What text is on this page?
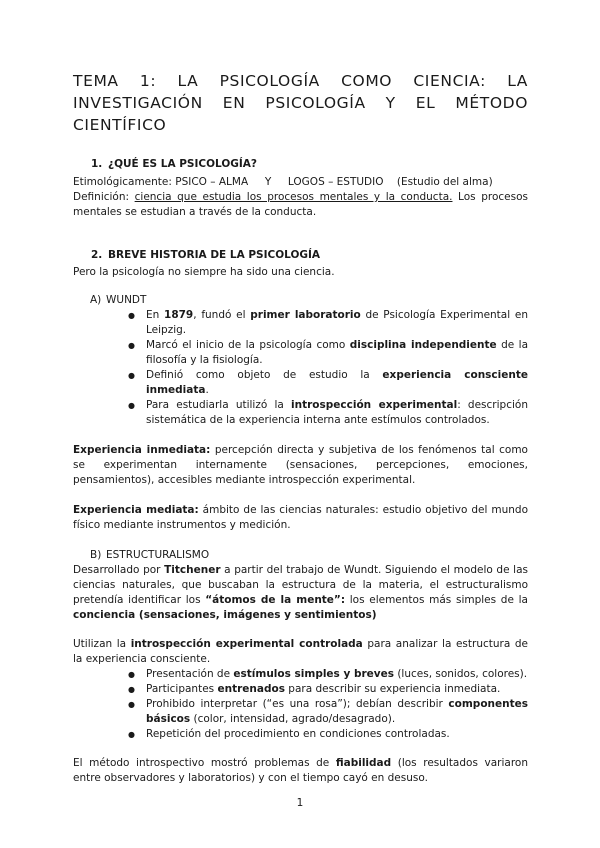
TEMA 1: LA PSICOLOGÍA COMO CIENCIA: LA INVESTIGACIÓN EN PSICOLOGÍA Y EL MÉTODO CIENTÍFICO
1. ¿QUÉ ES LA PSICOLOGÍA?

Etimológicamente: PSICO – ALMA     Y     LOGOS – ESTUDIO    (Estudio del alma)

Definición: ciencia que estudia los procesos mentales y la conducta. Los procesos mentales se estudian a través de la conducta.

2. BREVE HISTORIA DE LA PSICOLOGÍA

Pero la psicología no siempre ha sido una ciencia.

A) WUNDT
● En 1879, fundó el primer laboratorio de Psicología Experimental en Leipzig.
● Marcó el inicio de la psicología como disciplina independiente de la filosofía y la fisiología.
● Definió como objeto de estudio la experiencia consciente inmediata.
● Para estudiarla utilizó la introspección experimental: descripción sistemática de la experiencia interna ante estímulos controlados.

Experiencia inmediata: percepción directa y subjetiva de los fenómenos tal como se experimentan internamente (sensaciones, percepciones, emociones, pensamientos), accesibles mediante introspección experimental.

Experiencia mediata: ámbito de las ciencias naturales: estudio objetivo del mundo físico mediante instrumentos y medición.

B) ESTRUCTURALISMO

Desarrollado por Titchener a partir del trabajo de Wundt. Siguiendo el modelo de las ciencias naturales, que buscaban la estructura de la materia, el estructuralismo pretendía identificar los “átomos de la mente”: los elementos más simples de la conciencia (sensaciones, imágenes y sentimientos)

Utilizan la introspección experimental controlada para analizar la estructura de la experiencia consciente.

● Presentación de estímulos simples y breves (luces, sonidos, colores).
● Participantes entrenados para describir su experiencia inmediata.
● Prohibido interpretar (“es una rosa”); debían describir componentes básicos (color, intensidad, agrado/desagrado).
● Repetición del procedimiento en condiciones controladas.

El método introspectivo mostró problemas de fiabilidad (los resultados variaron entre observadores y laboratorios) y con el tiempo cayó en desuso.

1
